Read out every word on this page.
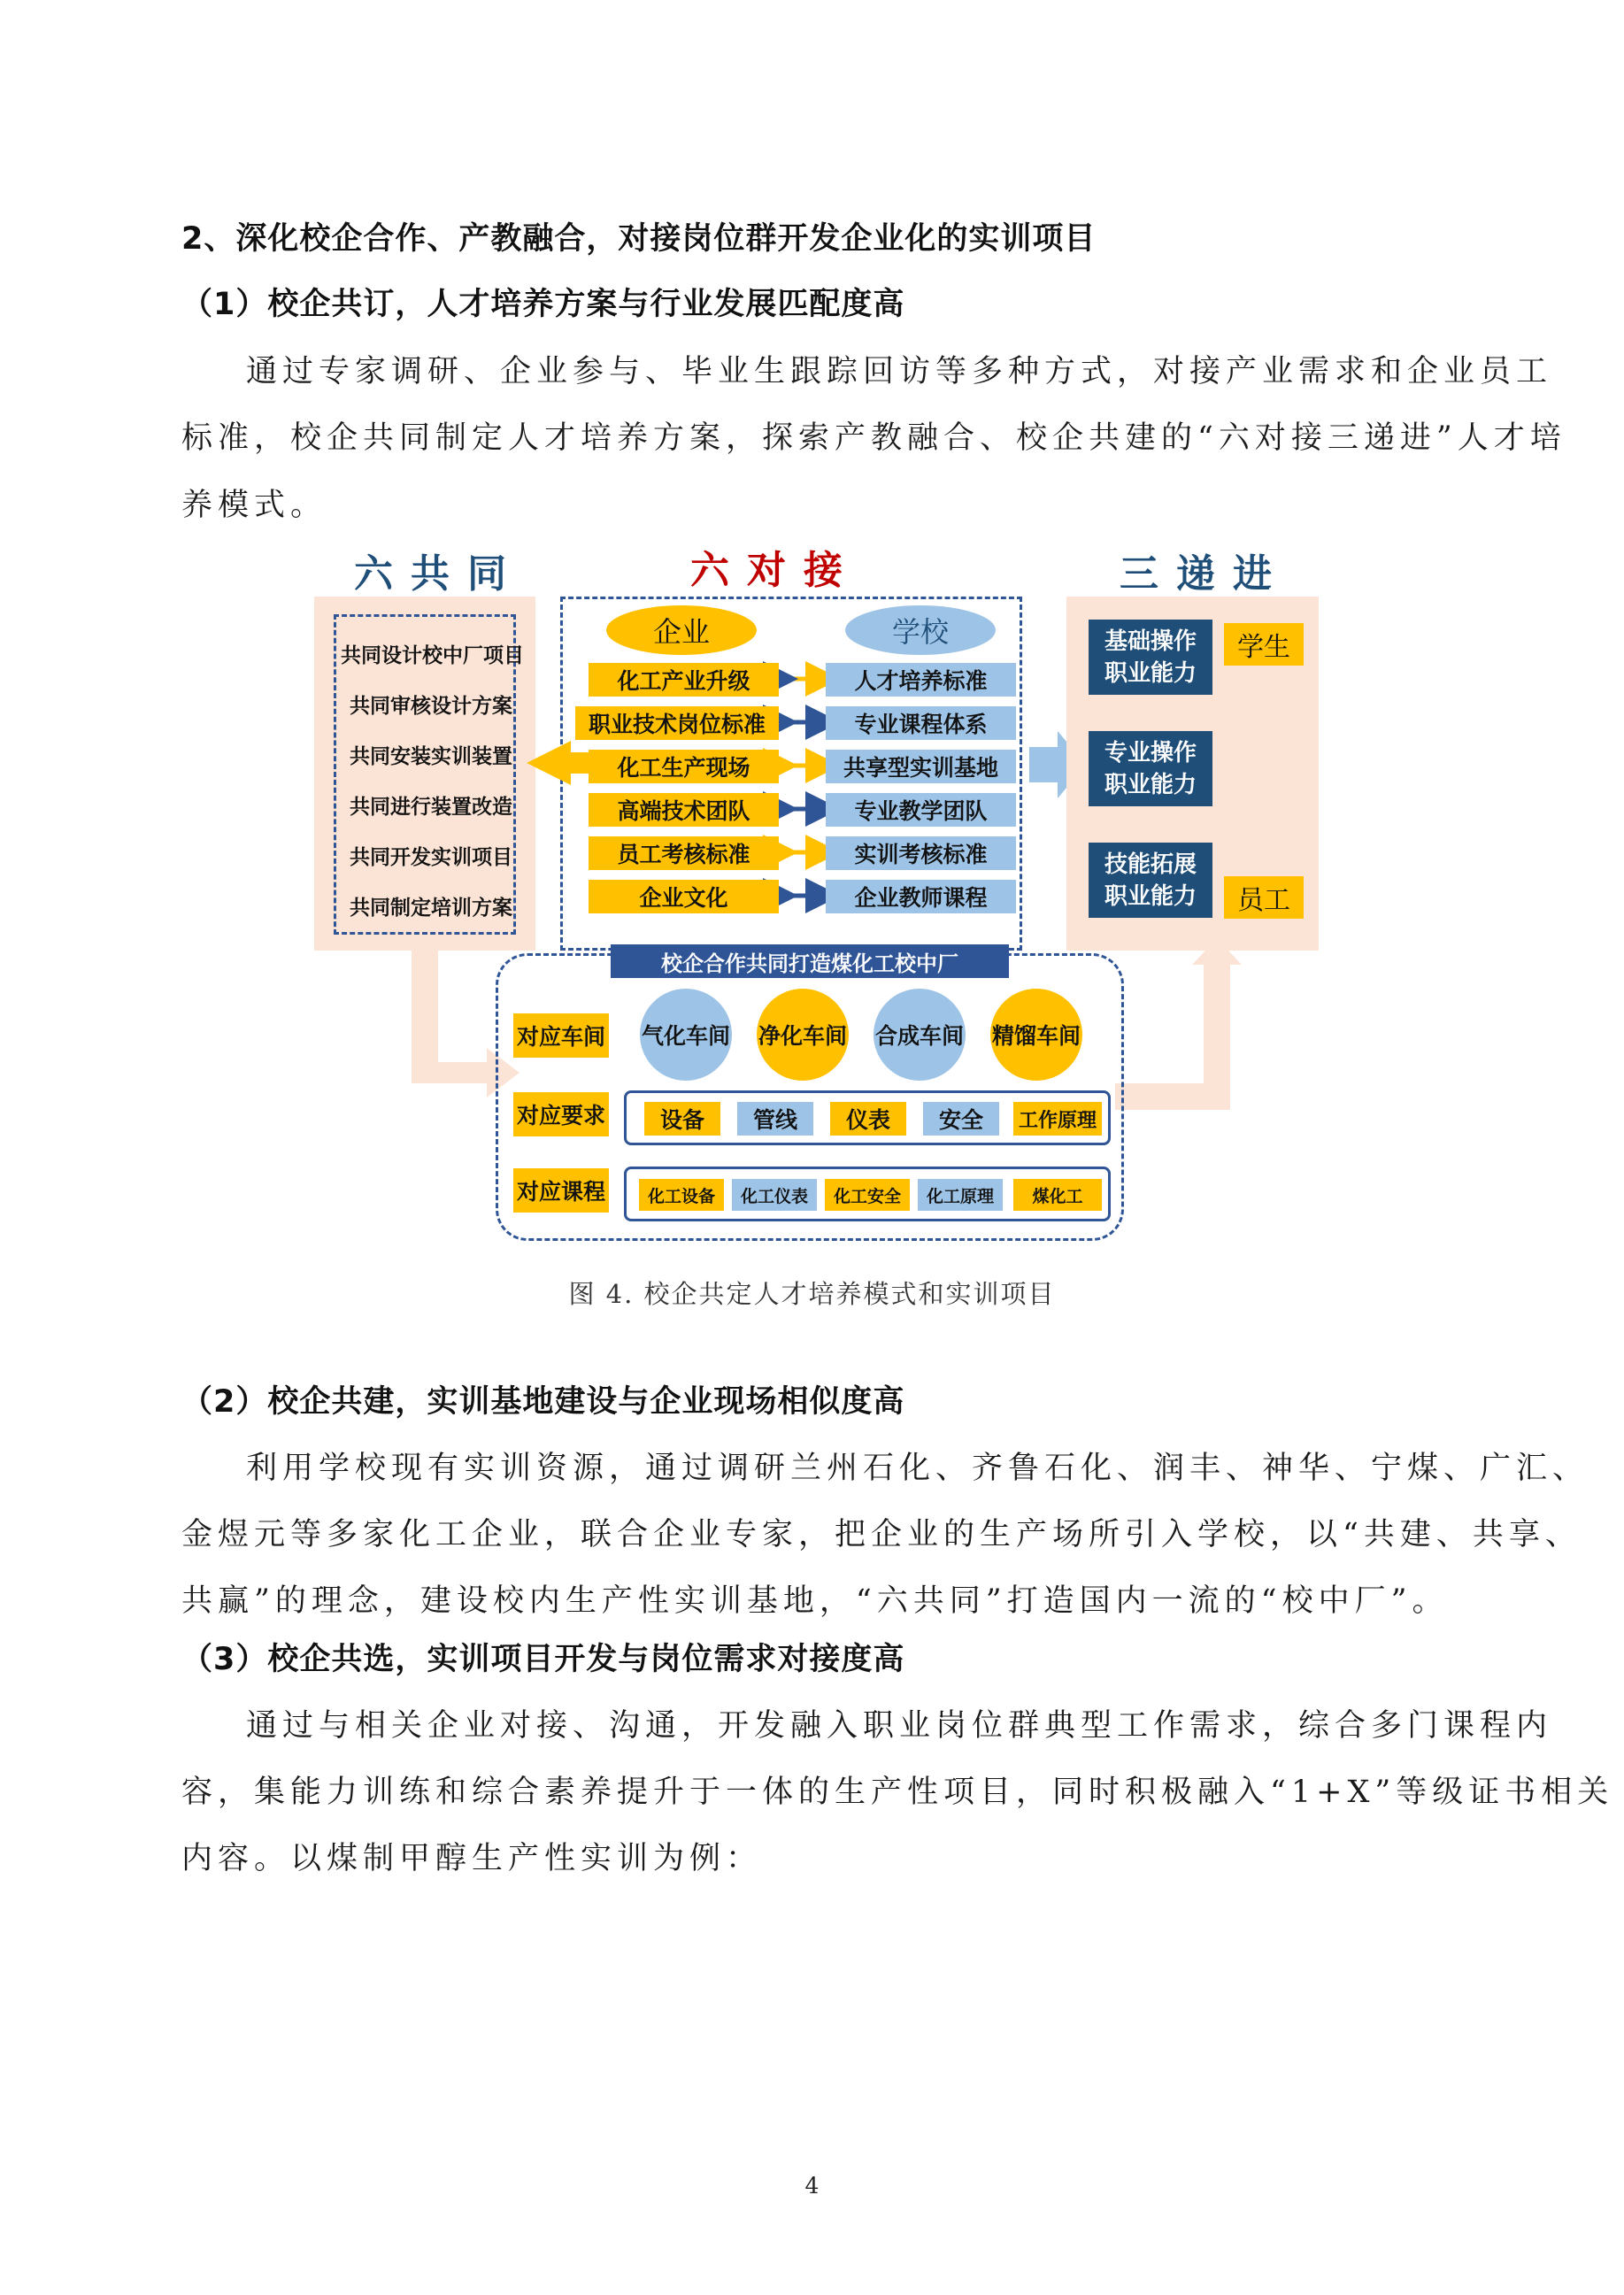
2、深化校企合作、产教融合，对接岗位群开发企业化的实训项目
（1）校企共订，人才培养方案与行业发展匹配度高
通过专家调研、企业参与、毕业生跟踪回访等多种方式，对接产业需求和企业员工
标准，校企共同制定人才培养方案，探索产教融合、校企共建的“六对接三递进”人才培
养模式。
六共同	六对接	三递进
共同设计校中厂项目
共同审核设计方案
共同安装实训装置
共同进行装置改造
共同开发实训项目
共同制定培训方案
企业	学校
化工产业升级
职业技术岗位标准
化工生产现场
高端技术团队
员工考核标准
企业文化
人才培养标准
专业课程体系
共享型实训基地
专业教学团队
实训考核标准
企业教师课程
基础操作
职业能力
专业操作
职业能力
技能拓展
职业能力
学生
员工
校企合作共同打造煤化工校中厂
对应车间 气化车间 净化车间 合成车间 精馏车间
对应要求	设备	管线	仪表	安全	工作原理
对应课程	化工设备	化工仪表	化工安全	化工原理	煤化工
图 4. 校企共定人才培养模式和实训项目
（2）校企共建，实训基地建设与企业现场相似度高
利用学校现有实训资源，通过调研兰州石化、齐鲁石化、润丰、神华、宁煤、广汇、
金煜元等多家化工企业，联合企业专家，把企业的生产场所引入学校，以“共建、共享、
共赢”的理念，建设校内生产性实训基地，“六共同”打造国内一流的“校中厂”。
（3）校企共选，实训项目开发与岗位需求对接度高
通过与相关企业对接、沟通，开发融入职业岗位群典型工作需求，综合多门课程内
容，集能力训练和综合素养提升于一体的生产性项目，同时积极融入“1+X”等级证书相关
内容。以煤制甲醇生产性实训为例：
4
